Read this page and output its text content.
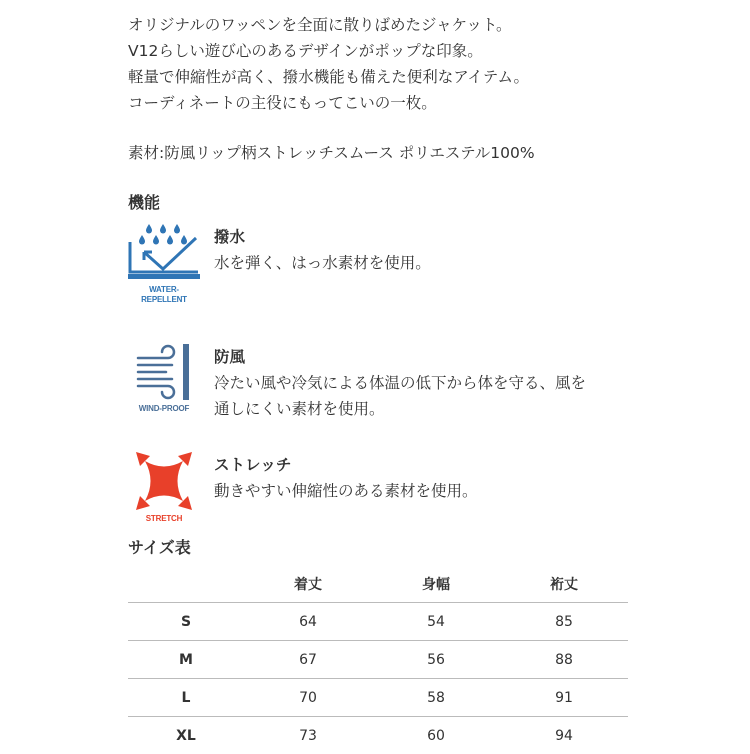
オリジナルのワッペンを全面に散りばめたジャケット。

V12らしい遊び心のあるデザインがポップな印象。

軽量で伸縮性が高く、撥水機能も備えた便利なアイテム。

コーディネートの主役にもってこいの一枚。

素材:防風リップ柄ストレッチスムース ポリエステル100%

機能
WATER-
REPELLENT

撥水

水を弾く、はっ水素材を使用。

WIND-PROOF

防風

冷たい風や冷気による体温の低下から体を守る、風を

通しにくい素材を使用。

STRETCH

ストレッチ

動きやすい伸縮性のある素材を使用。

サイズ表
	着丈	身幅	裄丈
S	64	54	85
M	67	56	88
L	70	58	91
XL	73	60	94
